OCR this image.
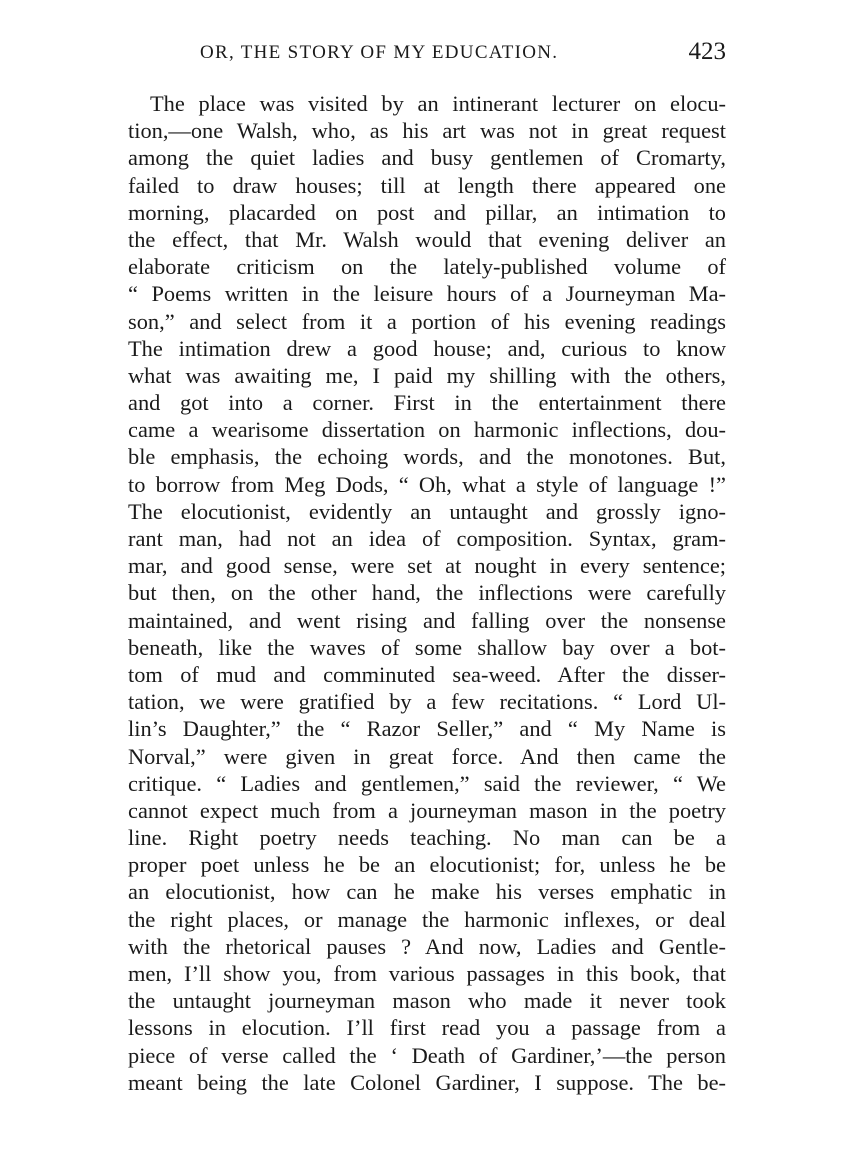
OR, THE STORY OF MY EDUCATION.	423
The place was visited by an intinerant lecturer on elocu-
tion,—one Walsh, who, as his art was not in great request
among the quiet ladies and busy gentlemen of Cromarty,
failed to draw houses; till at length there appeared one
morning, placarded on post and pillar, an intimation to
the effect, that Mr. Walsh would that evening deliver an
elaborate criticism on the lately-published volume of
“ Poems written in the leisure hours of a Journeyman Ma-
son,” and select from it a portion of his evening readings
The intimation drew a good house; and, curious to know
what was awaiting me, I paid my shilling with the others,
and got into a corner. First in the entertainment there
came a wearisome dissertation on harmonic inflections, dou-
ble emphasis, the echoing words, and the monotones. But,
to borrow from Meg Dods, “ Oh, what a style of language !”
The elocutionist, evidently an untaught and grossly igno-
rant man, had not an idea of composition. Syntax, gram-
mar, and good sense, were set at nought in every sentence;
but then, on the other hand, the inflections were carefully
maintained, and went rising and falling over the nonsense
beneath, like the waves of some shallow bay over a bot-
tom of mud and comminuted sea-weed. After the disser-
tation, we were gratified by a few recitations. “ Lord Ul-
lin’s Daughter,” the “ Razor Seller,” and “ My Name is
Norval,” were given in great force. And then came the
critique. “ Ladies and gentlemen,” said the reviewer, “ We
cannot expect much from a journeyman mason in the poetry
line. Right poetry needs teaching. No man can be a
proper poet unless he be an elocutionist; for, unless he be
an elocutionist, how can he make his verses emphatic in
the right places, or manage the harmonic inflexes, or deal
with the rhetorical pauses ? And now, Ladies and Gentle-
men, I’ll show you, from various passages in this book, that
the untaught journeyman mason who made it never took
lessons in elocution. I’ll first read you a passage from a
piece of verse called the ‘ Death of Gardiner,’—the person
meant being the late Colonel Gardiner, I suppose. The be-
